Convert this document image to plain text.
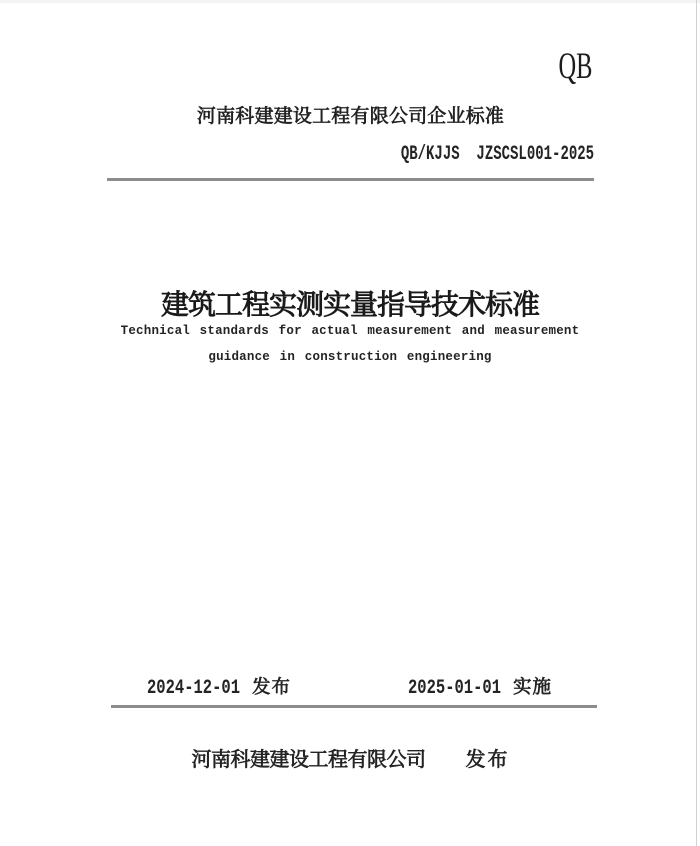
QB
河南科建建设工程有限公司企业标准
QB/KJJS  JZSCSL001-2025
建筑工程实测实量指导技术标准
Technical standards for actual measurement and measurement
guidance in construction engineering
2024-12-01 发布	2025-01-01 实施
河南科建建设工程有限公司 发布
